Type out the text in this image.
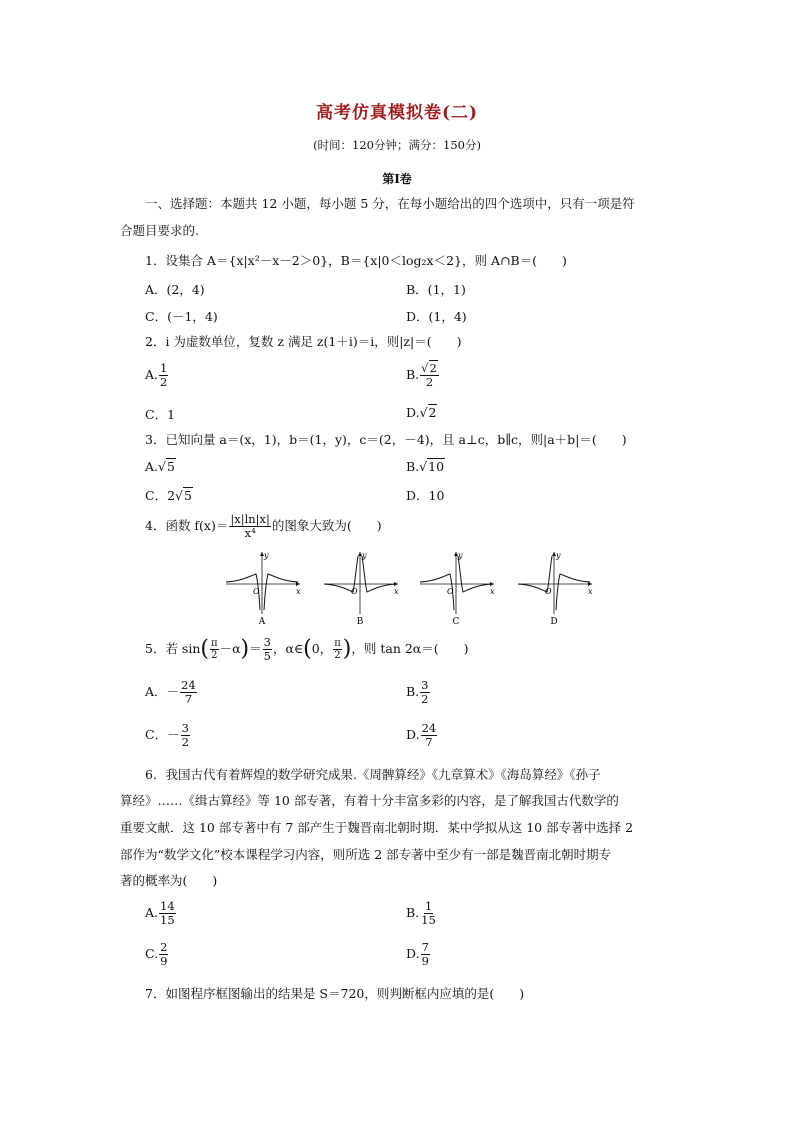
高考仿真模拟卷(二)
(时间：120分钟；满分：150分)
第Ⅰ卷
一、选择题：本题共 12 小题，每小题 5 分，在每小题给出的四个选项中，只有一项是符
合题目要求的.
1．设集合 A＝{x|x²－x－2＞0}，B＝{x|0＜log₂x＜2}，则 A∩B＝(　　)
A．(2，4)	B．(1，1)
C．(－1，4)	D．(1，4)
2．i 为虚数单位，复数 z 满足 z(1＋i)＝i，则|z|＝(　　)
A. $\frac{1}{2}$	B. $\frac{√2}{2}$
C．1	D.√2
3．已知向量 a＝(x，1)，b＝(1，y)，c＝(2，－4)，且 a⊥c，b∥c，则|a＋b|＝(　　)
A.√5	B.√10
C．2√5	D．10
4．函数 $f(x)= \frac{|x|\ln|x|}{\text{x⁴}}$ 的图象大致为(　　)
y
x
O
y
x
O
y
x
O
y
x
O
A	B	C	D
5．若 $\sin( \frac{\pi}{2} -\alpha)= \frac{3}{5}$ ，α∈(0， $\frac{\pi}{2}$ )，则 tan 2α＝(　　)
A．－ $\frac{24}{7}$	B. $\frac{3}{2}$
C．－ $\frac{3}{2}$	D. $\frac{24}{7}$
6．我国古代有着辉煌的数学研究成果.《周髀算经》《九章算术》《海岛算经》《孙子
算经》……《缉古算经》等 10 部专著，有着十分丰富多彩的内容，是了解我国古代数学的
重要文献．这 10 部专著中有 7 部产生于魏晋南北朝时期．某中学拟从这 10 部专著中选择 2
部作为“数学文化”校本课程学习内容，则所选 2 部专著中至少有一部是魏晋南北朝时期专
著的概率为(　　)
A. $\frac{14}{15}$	B. $\frac{1}{15}$
C. $\frac{2}{9}$	D. $\frac{7}{9}$
7．如图程序框图输出的结果是 S＝720，则判断框内应填的是(　　)
